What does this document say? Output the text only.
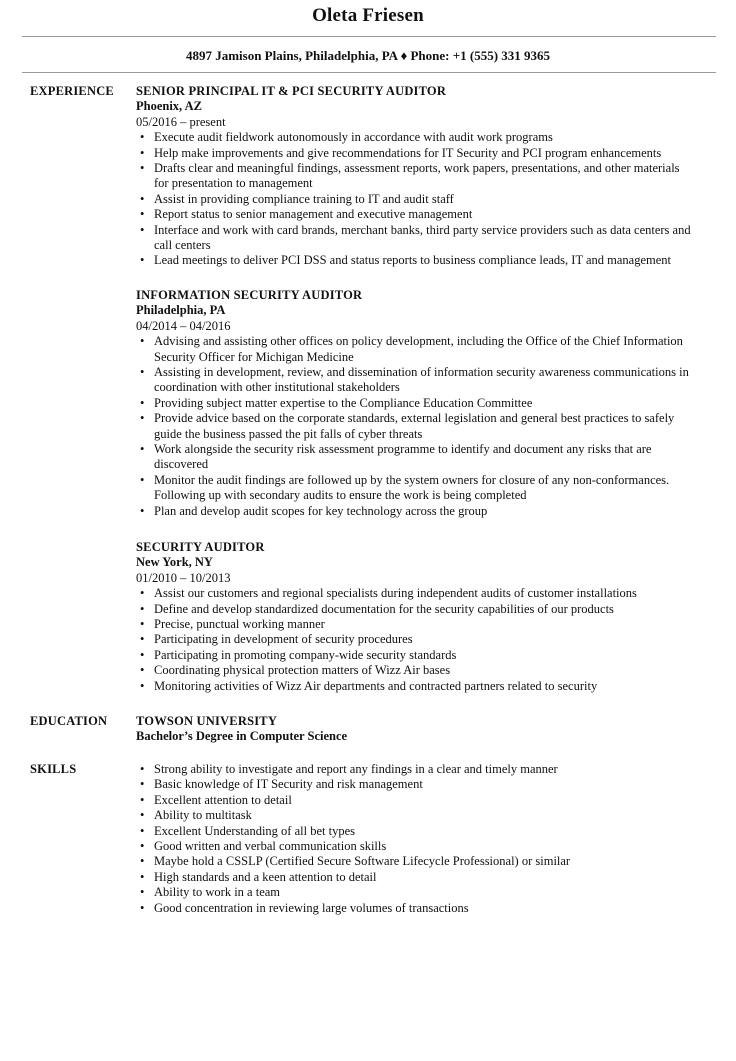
Oleta Friesen
4897 Jamison Plains, Philadelphia, PA ♦ Phone: +1 (555) 331 9365
EXPERIENCE SENIOR PRINCIPAL IT & PCI SECURITY AUDITOR
Phoenix, AZ
05/2016 – present
• Execute audit fieldwork autonomously in accordance with audit work programs
• Help make improvements and give recommendations for IT Security and PCI program enhancements
• Drafts clear and meaningful findings, assessment reports, work papers, presentations, and other materials for presentation to management
• Assist in providing compliance training to IT and audit staff
• Report status to senior management and executive management
• Interface and work with card brands, merchant banks, third party service providers such as data centers and call centers
• Lead meetings to deliver PCI DSS and status reports to business compliance leads, IT and management
INFORMATION SECURITY AUDITOR
Philadelphia, PA
04/2014 – 04/2016
• Advising and assisting other offices on policy development, including the Office of the Chief Information Security Officer for Michigan Medicine
• Assisting in development, review, and dissemination of information security awareness communications in coordination with other institutional stakeholders
• Providing subject matter expertise to the Compliance Education Committee
• Provide advice based on the corporate standards, external legislation and general best practices to safely guide the business passed the pit falls of cyber threats
• Work alongside the security risk assessment programme to identify and document any risks that are discovered
• Monitor the audit findings are followed up by the system owners for closure of any non-conformances. Following up with secondary audits to ensure the work is being completed
• Plan and develop audit scopes for key technology across the group
SECURITY AUDITOR
New York, NY
01/2010 – 10/2013
• Assist our customers and regional specialists during independent audits of customer installations
• Define and develop standardized documentation for the security capabilities of our products
• Precise, punctual working manner
• Participating in development of security procedures
• Participating in promoting company-wide security standards
• Coordinating physical protection matters of Wizz Air bases
• Monitoring activities of Wizz Air departments and contracted partners related to security
EDUCATION TOWSON UNIVERSITY
Bachelor’s Degree in Computer Science
SKILLS
•	Strong ability to investigate and report any findings in a clear and timely manner
• Basic knowledge of IT Security and risk management
• Excellent attention to detail
• Ability to multitask
• Excellent Understanding of all bet types
• Good written and verbal communication skills
• Maybe hold a CSSLP (Certified Secure Software Lifecycle Professional) or similar
• High standards and a keen attention to detail
• Ability to work in a team
• Good concentration in reviewing large volumes of transactions
